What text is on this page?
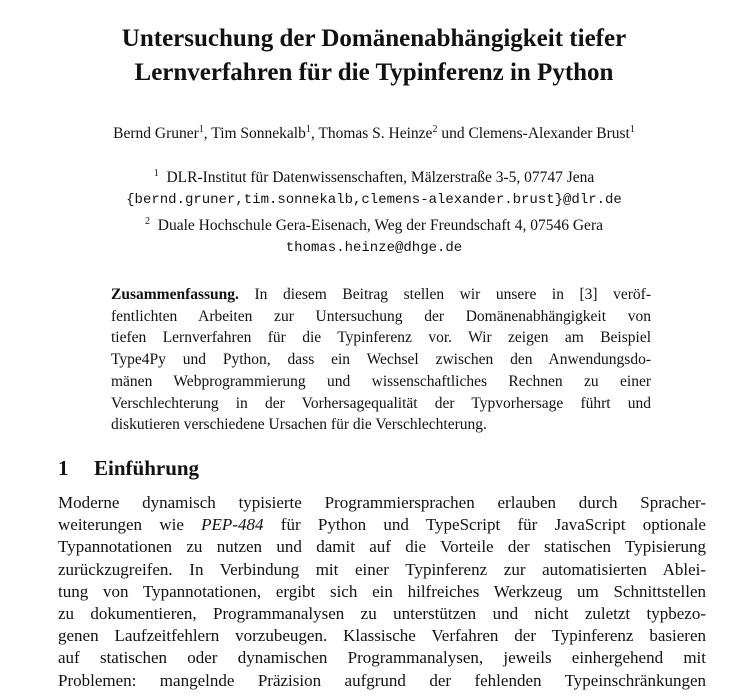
Untersuchung der Domänenabhängigkeit tiefer
Lernverfahren für die Typinferenz in Python
Bernd Gruner$^1$, Tim Sonnekalb$^1$, Thomas S. Heinze$^2$ und Clemens-Alexander Brust$^1$
$^1$ DLR-Institut für Datenwissenschaften, Mälzerstraße 3-5, 07747 Jena
{bernd.gruner,tim.sonnekalb,clemens-alexander.brust}@dlr.de
$^2$ Duale Hochschule Gera-Eisenach, Weg der Freundschaft 4, 07546 Gera
thomas.heinze@dhge.de
Zusammenfassung. In diesem Beitrag stellen wir unsere in [3] veröf-
fentlichten Arbeiten zur Untersuchung der Domänenabhängigkeit von
tiefen Lernverfahren für die Typinferenz vor. Wir zeigen am Beispiel
Type4Py und Python, dass ein Wechsel zwischen den Anwendungsdo-
mänen Webprogrammierung und wissenschaftliches Rechnen zu einer
Verschlechterung in der Vorhersagequalität der Typvorhersage führt und
diskutieren verschiedene Ursachen für die Verschlechterung.
1 Einführung
Moderne dynamisch typisierte Programmiersprachen erlauben durch Spracher-
weiterungen wie PEP-484 für Python und TypeScript für JavaScript optionale
Typannotationen zu nutzen und damit auf die Vorteile der statischen Typisierung
zurückzugreifen. In Verbindung mit einer Typinferenz zur automatisierten Ablei-
tung von Typannotationen, ergibt sich ein hilfreiches Werkzeug um Schnittstellen
zu dokumentieren, Programmanalysen zu unterstützen und nicht zuletzt typbezo-
genen Laufzeitfehlern vorzubeugen. Klassische Verfahren der Typinferenz basieren
auf statischen oder dynamischen Programmanalysen, jeweils einhergehend mit
Problemen: mangelnde Präzision aufgrund der fehlenden Typeinschränkungen
